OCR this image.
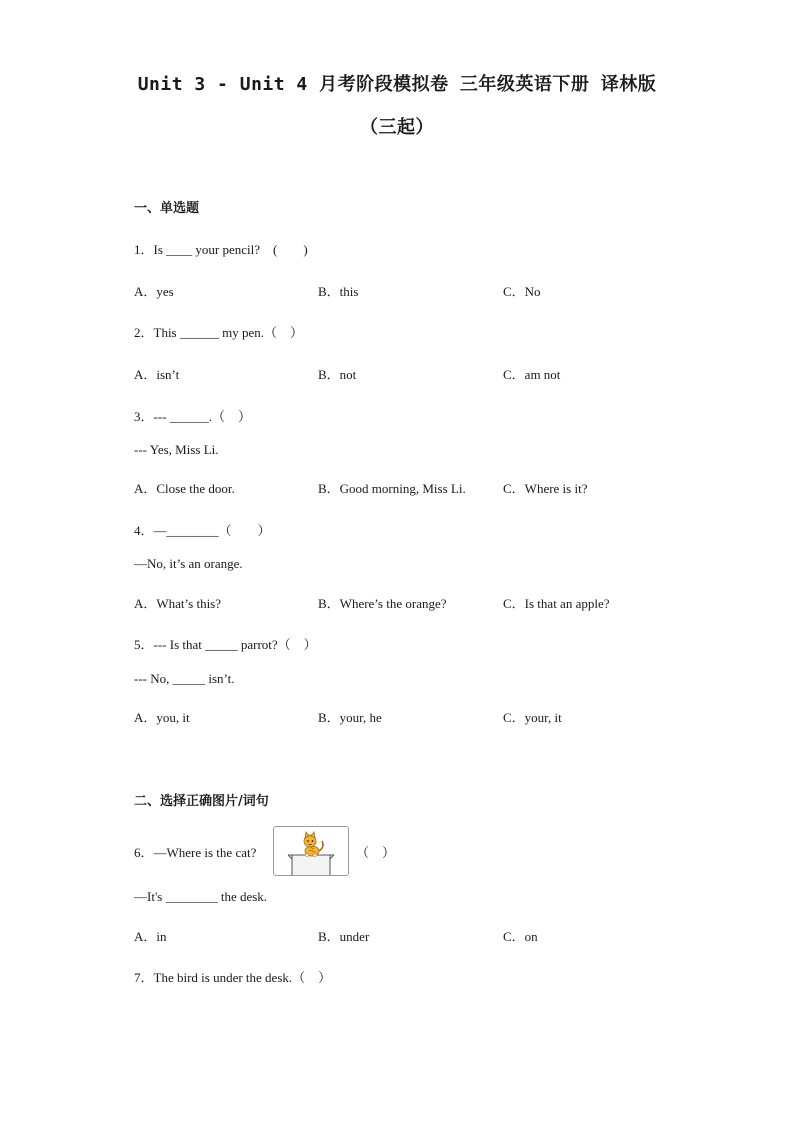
Unit 3 - Unit 4 月考阶段模拟卷 三年级英语下册 译林版
（三起）
一、单选题
1．Is ____ your pencil?　(　　)
A．yes	B．this	C．No
2．This ______ my pen.（　）
A．isn’t	B．not	C．am not
3．--- ______.（　）
--- Yes, Miss Li.
A．Close the door.	B．Good morning, Miss Li.	C．Where is it?
4．—________（　　）
—No, it’s an orange.
A．What’s this?	B．Where’s the orange?	C．Is that an apple?
5．--- Is that _____ parrot?（　）
--- No, _____ isn’t.
A．you, it	B．your, he	C．your, it
二、选择正确图片/词句
6．—Where is the cat?	（　）
—It's ________ the desk.
A．in	B．under	C．on
7．The bird is under the desk.（　）
